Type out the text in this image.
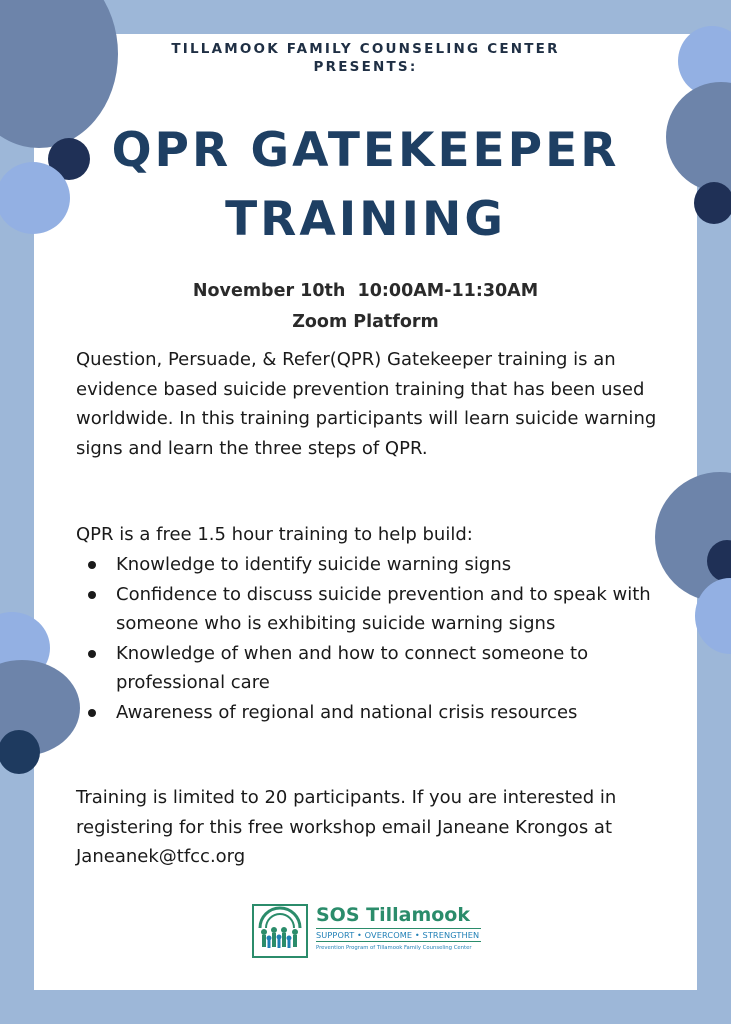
TILLAMOOK FAMILY COUNSELING CENTER
PRESENTS:
QPR GATEKEEPER
TRAINING
November 10th  10:00AM-11:30AM
Zoom Platform
Question, Persuade, & Refer(QPR) Gatekeeper training is an evidence based suicide prevention training that has been used worldwide. In this training participants will learn suicide warning signs and learn the three steps of QPR.
QPR is a free 1.5 hour training to help build:
Knowledge to identify suicide warning signs
Confidence to discuss suicide prevention and to speak with someone who is exhibiting suicide warning signs
Knowledge of when and how to connect someone to professional care
Awareness of regional and national crisis resources
Training is limited to 20 participants. If you are interested in registering for this free workshop email Janeane Krongos at Janeanek@tfcc.org
SOS Tillamook
SUPPORT • OVERCOME • STRENGTHEN
Prevention Program of Tillamook Family Counseling Center
